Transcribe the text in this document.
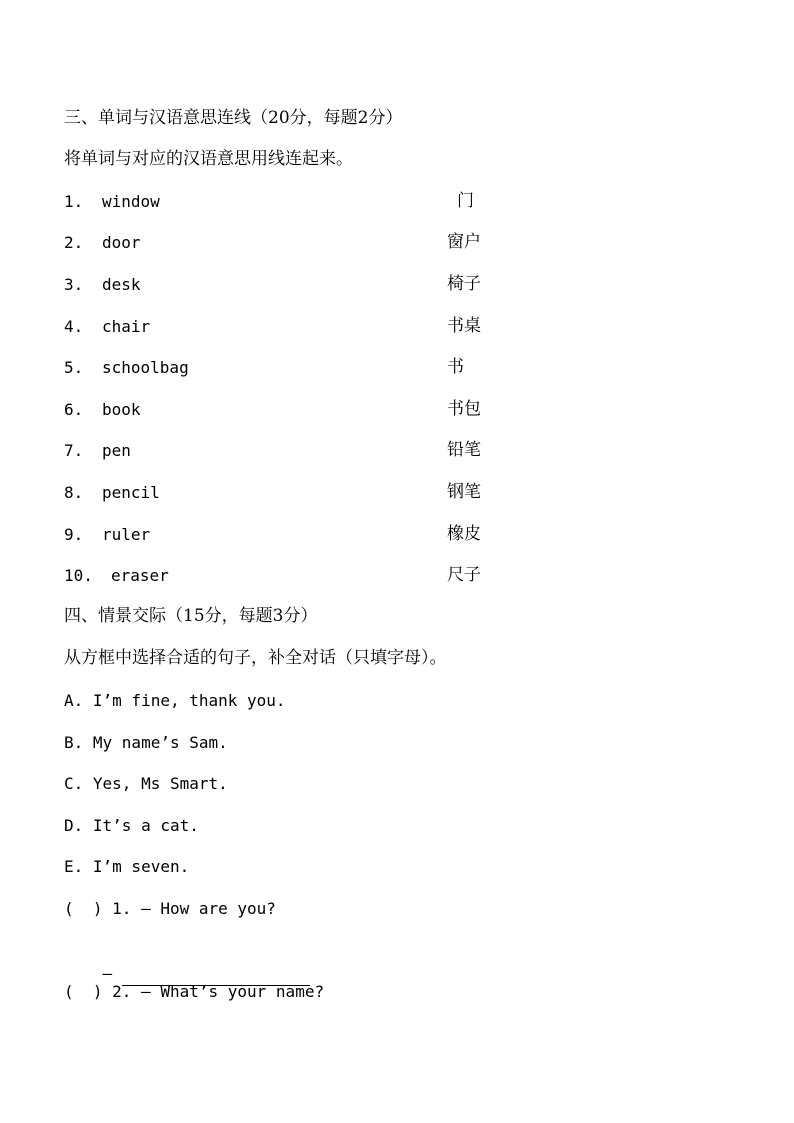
三、单词与汉语意思连线（20分，每题2分）
将单词与对应的汉语意思用线连起来。
1. window	门
2. door	窗户
3. desk	椅子
4. chair	书桌
5. schoolbag	书
6. book	书包
7. pen	铅笔
8. pencil	钢笔
9. ruler	橡皮
10. eraser	尺子
四、情景交际（15分，每题3分）
从方框中选择合适的句子，补全对话（只填字母）。
A. I’m fine, thank you.
B. My name’s Sam.
C. Yes, Ms Smart.
D. It’s a cat.
E. I’m seven.
(  ) 1. — How are you?

—

(  ) 2. — What’s your name?
